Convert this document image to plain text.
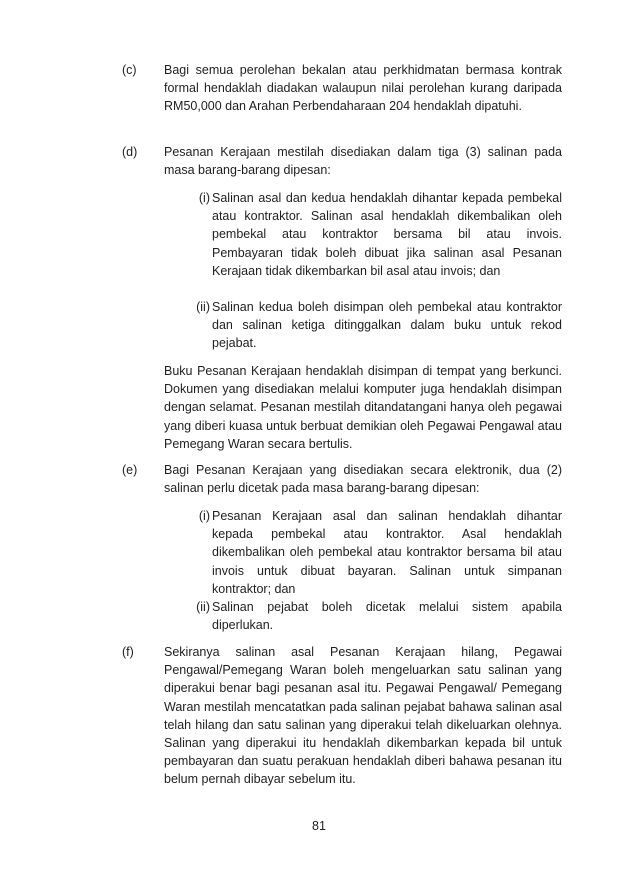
(c) Bagi semua perolehan bekalan atau perkhidmatan bermasa kontrak formal hendaklah diadakan walaupun nilai perolehan kurang daripada RM50,000 dan Arahan Perbendaharaan 204 hendaklah dipatuhi.
(d) Pesanan Kerajaan mestilah disediakan dalam tiga (3) salinan pada masa barang-barang dipesan:
(i) Salinan asal dan kedua hendaklah dihantar kepada pembekal atau kontraktor. Salinan asal hendaklah dikembalikan oleh pembekal atau kontraktor bersama bil atau invois. Pembayaran tidak boleh dibuat jika salinan asal Pesanan Kerajaan tidak dikembarkan bil asal atau invois; dan
(ii) Salinan kedua boleh disimpan oleh pembekal atau kontraktor dan salinan ketiga ditinggalkan dalam buku untuk rekod pejabat.
Buku Pesanan Kerajaan hendaklah disimpan di tempat yang berkunci. Dokumen yang disediakan melalui komputer juga hendaklah disimpan dengan selamat. Pesanan mestilah ditandatangani hanya oleh pegawai yang diberi kuasa untuk berbuat demikian oleh Pegawai Pengawal atau Pemegang Waran secara bertulis.
(e) Bagi Pesanan Kerajaan yang disediakan secara elektronik, dua (2) salinan perlu dicetak pada masa barang-barang dipesan:
(i) Pesanan Kerajaan asal dan salinan hendaklah dihantar kepada pembekal atau kontraktor. Asal hendaklah dikembalikan oleh pembekal atau kontraktor bersama bil atau invois untuk dibuat bayaran. Salinan untuk simpanan kontraktor; dan
(ii) Salinan pejabat boleh dicetak melalui sistem apabila diperlukan.
(f) Sekiranya salinan asal Pesanan Kerajaan hilang, Pegawai Pengawal/Pemegang Waran boleh mengeluarkan satu salinan yang diperakui benar bagi pesanan asal itu. Pegawai Pengawal/ Pemegang Waran mestilah mencatatkan pada salinan pejabat bahawa salinan asal telah hilang dan satu salinan yang diperakui telah dikeluarkan olehnya. Salinan yang diperakui itu hendaklah dikembarkan kepada bil untuk pembayaran dan suatu perakuan hendaklah diberi bahawa pesanan itu belum pernah dibayar sebelum itu.
81
